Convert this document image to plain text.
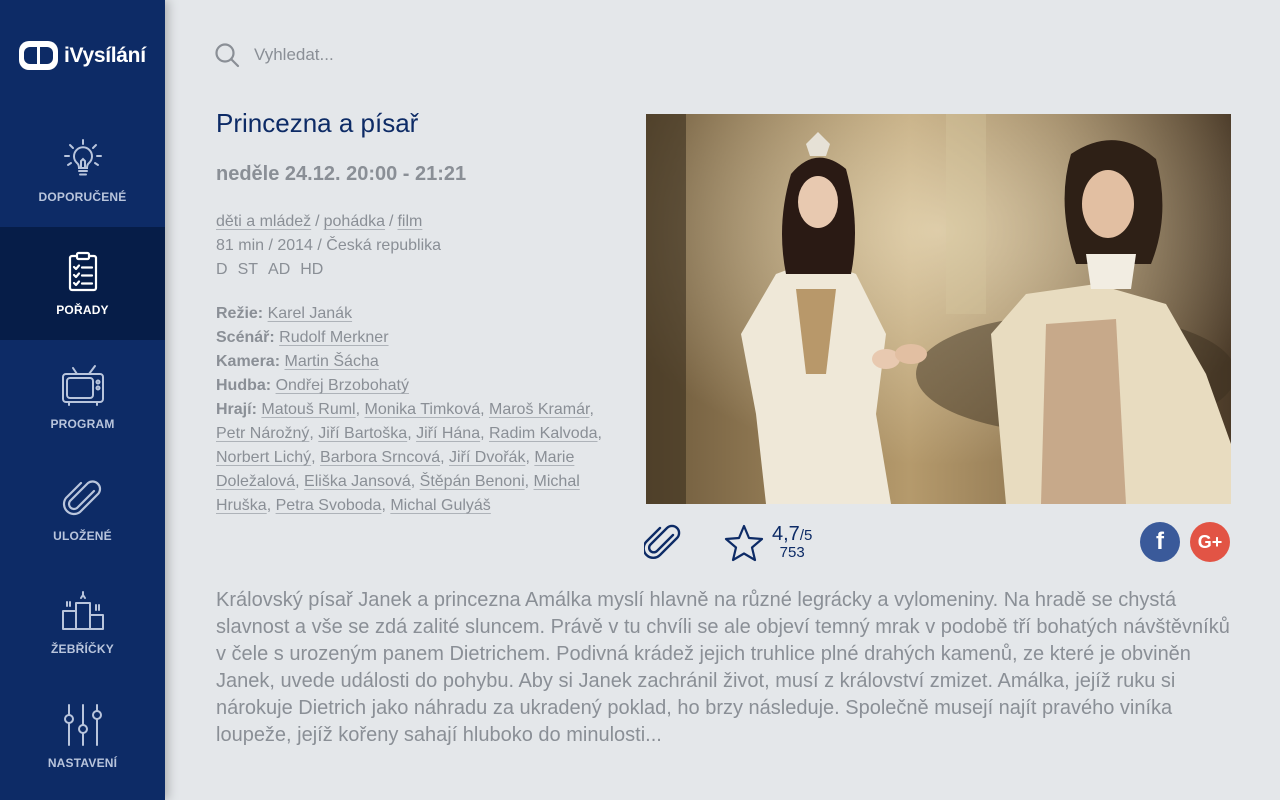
iVysílání
DOPORUČENÉ
POŘADY
PROGRAM
ULOŽENÉ
ŽEBŘÍČKY
NASTAVENÍ
Vyhledat...
Princezna a písař
neděle 24.12. 20:00 - 21:21
děti a mládež / pohádka / film
81 min / 2014 / Česká republika
D ST AD HD
Režie: Karel Janák
Scénář: Rudolf Merkner
Kamera: Martin Šácha
Hudba: Ondřej Brzobohatý
Hrají: Matouš Ruml, Monika Timková, Maroš Kramár, Petr Nárožný, Jiří Bartoška, Jiří Hána, Radim Kalvoda, Norbert Lichý, Barbora Srncová, Jiří Dvořák, Marie Doležalová, Eliška Jansová, Štěpán Benoni, Michal Hruška, Petra Svoboda, Michal Gulyáš
4,7/5
753	f G+

Královský písař Janek a princezna Amálka myslí hlavně na různé legrácky a vylomeniny. Na hradě se chystá slavnost a vše se zdá zalité sluncem. Právě v tu chvíli se ale objeví temný mrak v podobě tří bohatých návštěvníků v čele s urozeným panem Dietrichem. Podivná krádež jejich truhlice plné drahých kamenů, ze které je obviněn Janek, uvede události do pohybu. Aby si Janek zachránil život, musí z království zmizet. Amálka, jejíž ruku si nárokuje Dietrich jako náhradu za ukradený poklad, ho brzy následuje. Společně musejí najít pravého viníka loupeže, jejíž kořeny sahají hluboko do minulosti...
